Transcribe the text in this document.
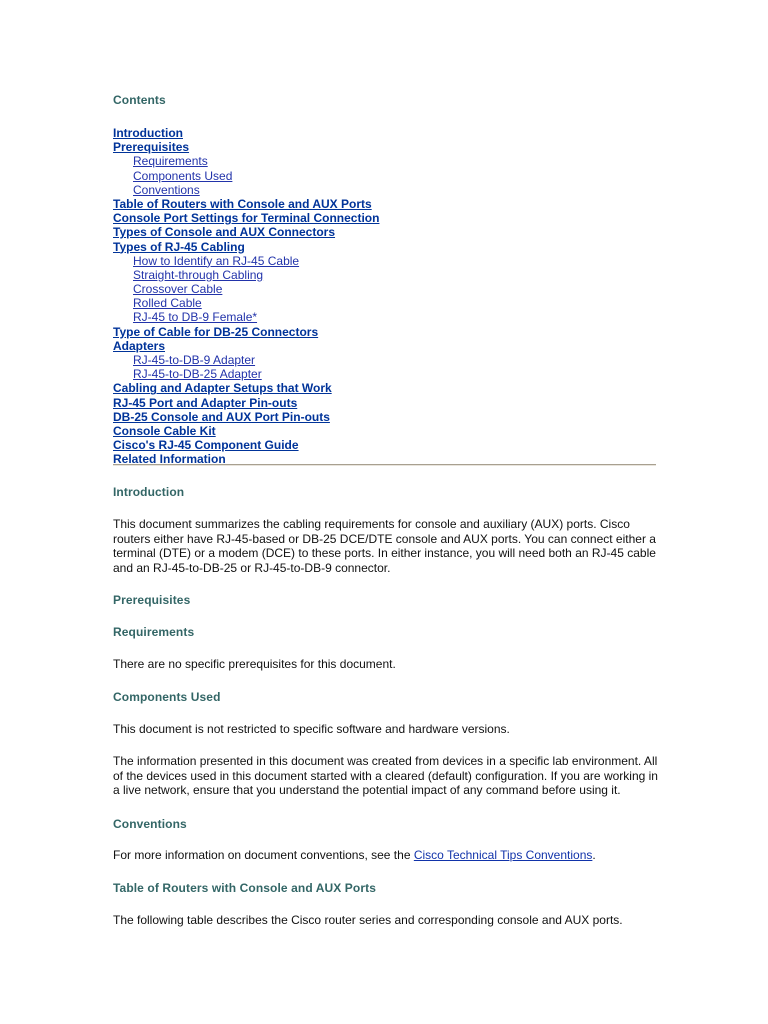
Contents
Introduction
Prerequisites
Requirements
Components Used
Conventions
Table of Routers with Console and AUX Ports
Console Port Settings for Terminal Connection
Types of Console and AUX Connectors
Types of RJ-45 Cabling
How to Identify an RJ-45 Cable
Straight-through Cabling
Crossover Cable
Rolled Cable
RJ-45 to DB-9 Female*
Type of Cable for DB-25 Connectors
Adapters
RJ-45-to-DB-9 Adapter
RJ-45-to-DB-25 Adapter
Cabling and Adapter Setups that Work
RJ-45 Port and Adapter Pin-outs
DB-25 Console and AUX Port Pin-outs
Console Cable Kit
Cisco's RJ-45 Component Guide
Related Information
Introduction

This document summarizes the cabling requirements for console and auxiliary (AUX) ports. Cisco routers either have RJ-45-based or DB-25 DCE/DTE console and AUX ports. You can connect either a terminal (DTE) or a modem (DCE) to these ports. In either instance, you will need both an RJ-45 cable and an RJ-45-to-DB-25 or RJ-45-to-DB-9 connector.

Prerequisites
Requirements

There are no specific prerequisites for this document.

Components Used

This document is not restricted to specific software and hardware versions.

The information presented in this document was created from devices in a specific lab environment. All of the devices used in this document started with a cleared (default) configuration. If you are working in a live network, ensure that you understand the potential impact of any command before using it.

Conventions

For more information on document conventions, see the Cisco Technical Tips Conventions.

Table of Routers with Console and AUX Ports

The following table describes the Cisco router series and corresponding console and AUX ports.
